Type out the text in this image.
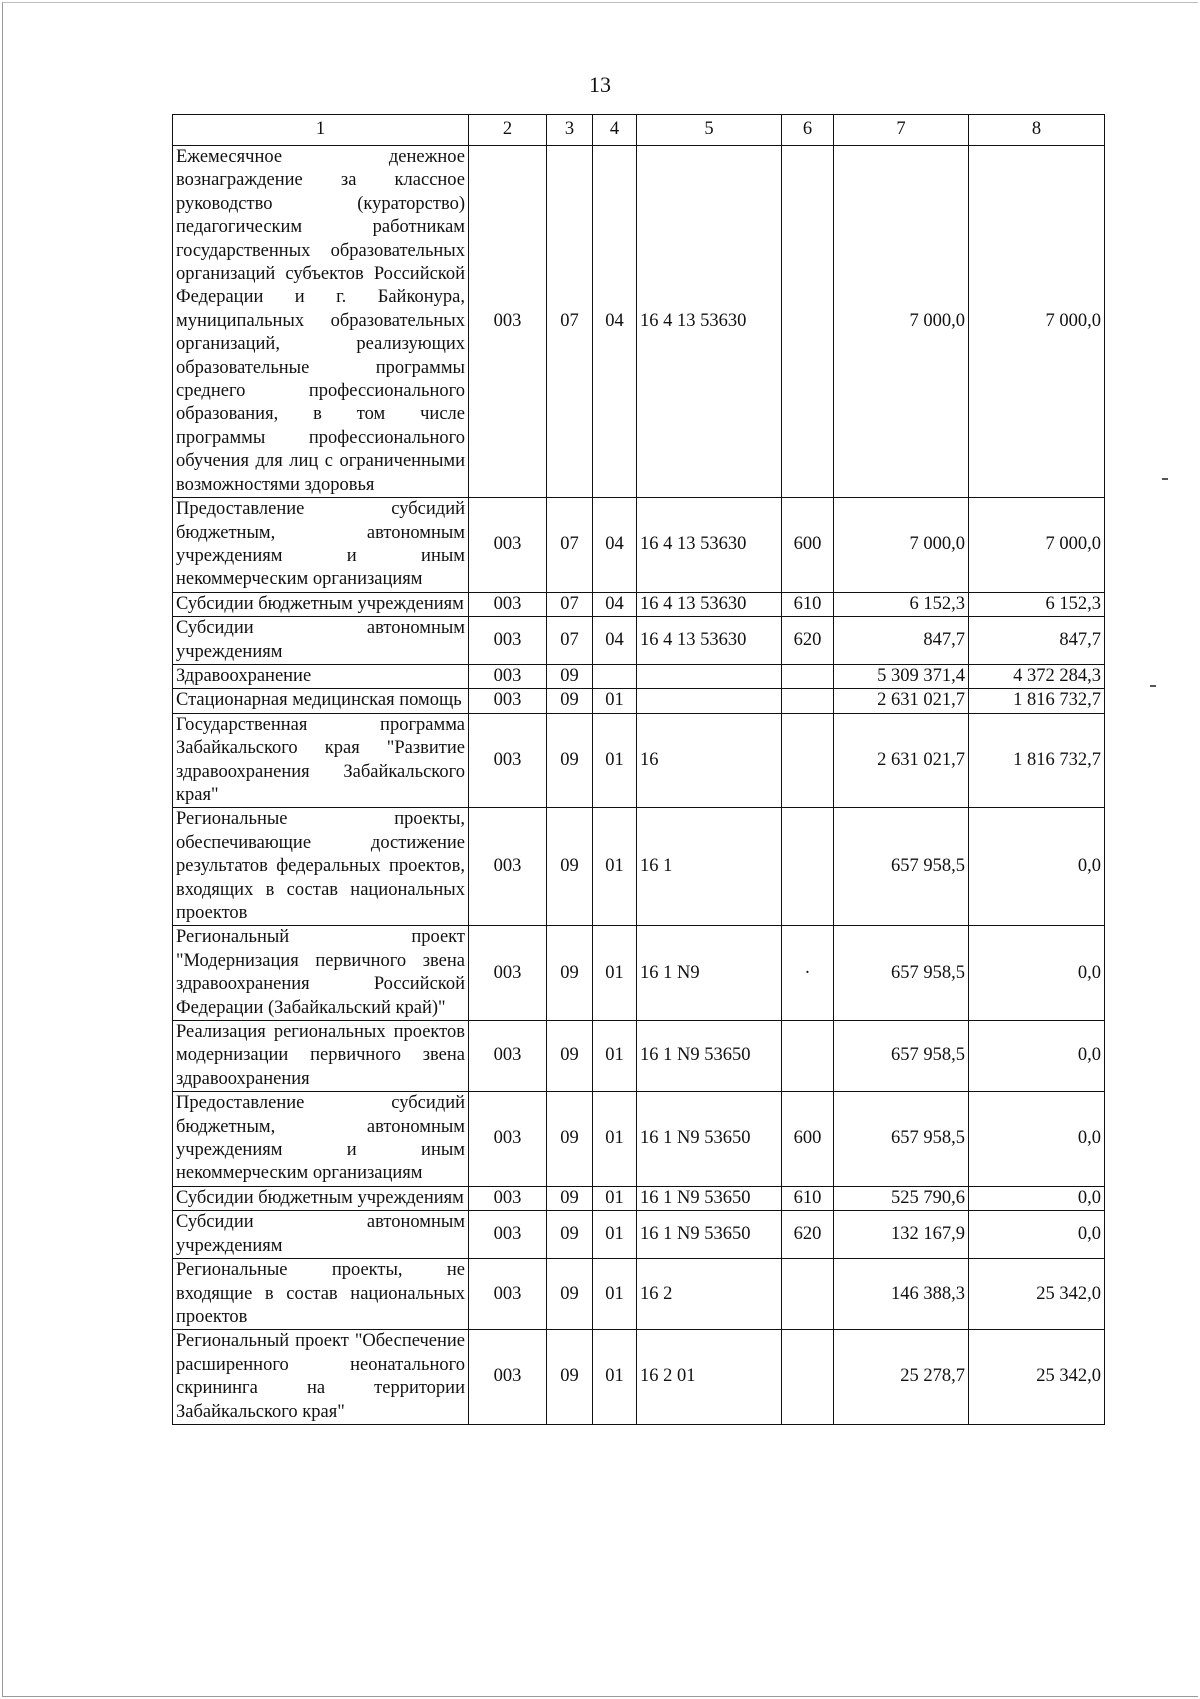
13
1	2	3	4	5	6	7	8
Ежемесячное денежное вознаграждение за классное руководство (кураторство) педагогическим работникам государственных образовательных организаций субъектов Российской Федерации и г. Байконура, муниципальных образовательных организаций, реализующих образовательные программы среднего профессионального образования, в том числе программы профессионального обучения для лиц с ограниченными возможностями здоровья	003	07	04	16 4 13 53630		7 000,0	7 000,0
Предоставление субсидий бюджетным, автономным учреждениям и иным некоммерческим организациям	003	07	04	16 4 13 53630	600	7 000,0	7 000,0
Субсидии бюджетным учреждениям	003	07	04	16 4 13 53630	610	6 152,3	6 152,3
Субсидии автономным учреждениям	003	07	04	16 4 13 53630	620	847,7	847,7
Здравоохранение	003	09				5 309 371,4	4 372 284,3
Стационарная медицинская помощь	003	09	01			2 631 021,7	1 816 732,7
Государственная программа Забайкальского края "Развитие здравоохранения Забайкальского края"	003	09	01	16		2 631 021,7	1 816 732,7
Региональные проекты, обеспечивающие достижение результатов федеральных проектов, входящих в состав национальных проектов	003	09	01	16 1		657 958,5	0,0
Региональный проект "Модернизация первичного звена здравоохранения Российской Федерации (Забайкальский край)"	003	09	01	16 1 N9	·	657 958,5	0,0
Реализация региональных проектов модернизации первичного звена здравоохранения	003	09	01	16 1 N9 53650		657 958,5	0,0
Предоставление субсидий бюджетным, автономным учреждениям и иным некоммерческим организациям	003	09	01	16 1 N9 53650	600	657 958,5	0,0
Субсидии бюджетным учреждениям	003	09	01	16 1 N9 53650	610	525 790,6	0,0
Субсидии автономным учреждениям	003	09	01	16 1 N9 53650	620	132 167,9	0,0
Региональные проекты, не входящие в состав национальных проектов	003	09	01	16 2		146 388,3	25 342,0
Региональный проект "Обеспечение расширенного неонатального скрининга на территории Забайкальского края"	003	09	01	16 2 01		25 278,7	25 342,0
